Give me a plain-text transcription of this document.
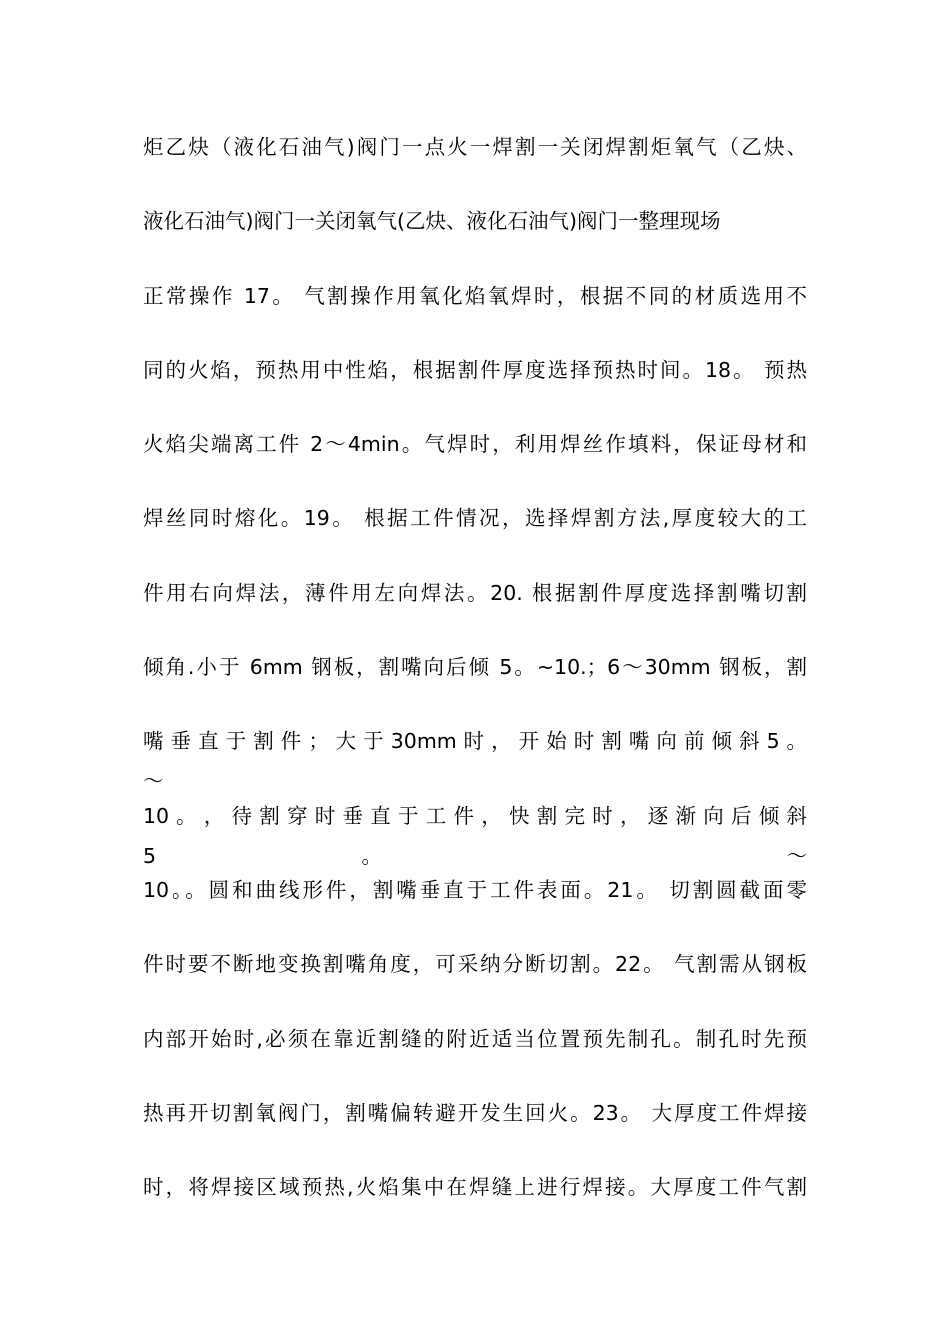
炬乙炔（液化石油气)阀门一点火一焊割一关闭焊割炬氧气（乙炔、
液化石油气)阀门一关闭氧气(乙炔、液化石油气)阀门一整理现场
正常操作 17。 气割操作用氧化焰氧焊时，根据不同的材质选用不
同的火焰，预热用中性焰，根据割件厚度选择预热时间。18。 预热
火焰尖端离工件 2～4min。气焊时，利用焊丝作填料，保证母材和
焊丝同时熔化。19。 根据工件情况，选择焊割方法,厚度较大的工
件用右向焊法，薄件用左向焊法。20. 根据割件厚度选择割嘴切割
倾角.小于 6mm 钢板，割嘴向后倾 5。~10.；6～30mm 钢板，割
嘴 垂 直 于 割 件 ； 大 于 30mm 时 ， 开 始 时 割 嘴 向 前 倾 斜 5 。 ～
10 。 ， 待 割 穿 时 垂 直 于 工 件 ， 快 割 完 时 ， 逐 渐 向 后 倾 斜 5 。 ～
10。。圆和曲线形件，割嘴垂直于工件表面。21。 切割圆截面零
件时要不断地变换割嘴角度，可采纳分断切割。22。 气割需从钢板
内部开始时,必须在靠近割缝的附近适当位置预先制孔。制孔时先预
热再开切割氧阀门，割嘴偏转避开发生回火。23。 大厚度工件焊接
时，将焊接区域预热,火焰集中在焊缝上进行焊接。大厚度工件气割
